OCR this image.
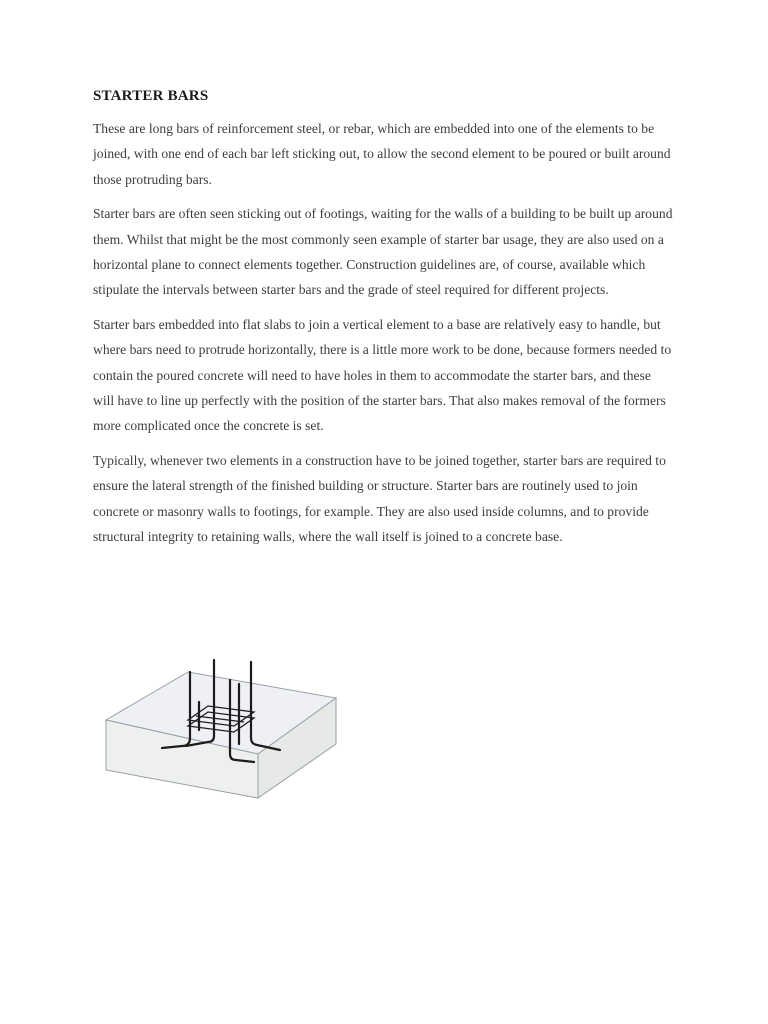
STARTER BARS

These are long bars of reinforcement steel, or rebar, which are embedded into one of the elements to be joined, with one end of each bar left sticking out, to allow the second element to be poured or built around those protruding bars.

Starter bars are often seen sticking out of footings, waiting for the walls of a building to be built up around them. Whilst that might be the most commonly seen example of starter bar usage, they are also used on a horizontal plane to connect elements together. Construction guidelines are, of course, available which stipulate the intervals between starter bars and the grade of steel required for different projects.

Starter bars embedded into flat slabs to join a vertical element to a base are relatively easy to handle, but where bars need to protrude horizontally, there is a little more work to be done, because formers needed to contain the poured concrete will need to have holes in them to accommodate the starter bars, and these will have to line up perfectly with the position of the starter bars. That also makes removal of the formers more complicated once the concrete is set.

Typically, whenever two elements in a construction have to be joined together, starter bars are required to ensure the lateral strength of the finished building or structure. Starter bars are routinely used to join concrete or masonry walls to footings, for example. They are also used inside columns, and to provide structural integrity to retaining walls, where the wall itself is joined to a concrete base.
